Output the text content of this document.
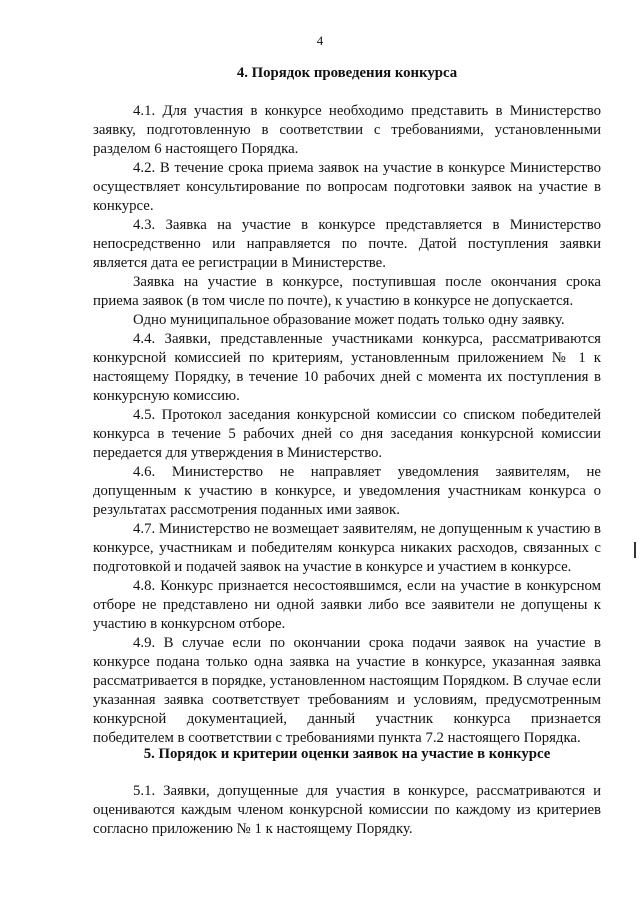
4
4. Порядок проведения конкурса

4.1. Для участия в конкурсе необходимо представить в Министерство заявку, подготовленную в соответствии с требованиями, установленными разделом 6 настоящего Порядка.

4.2. В течение срока приема заявок на участие в конкурсе Министерство осуществляет консультирование по вопросам подготовки заявок на участие в конкурсе.

4.3. Заявка на участие в конкурсе представляется в Министерство непосредственно или направляется по почте. Датой поступления заявки является дата ее регистрации в Министерстве.

Заявка на участие в конкурсе, поступившая после окончания срока приема заявок (в том числе по почте), к участию в конкурсе не допускается.

Одно муниципальное образование может подать только одну заявку.

4.4. Заявки, представленные участниками конкурса, рассматриваются конкурсной комиссией по критериям, установленным приложением № 1 к настоящему Порядку, в течение 10 рабочих дней с момента их поступления в конкурсную комиссию.

4.5. Протокол заседания конкурсной комиссии со списком победителей конкурса в течение 5 рабочих дней со дня заседания конкурсной комиссии передается для утверждения в Министерство.

4.6. Министерство не направляет уведомления заявителям, не допущенным к участию в конкурсе, и уведомления участникам конкурса о результатах рассмотрения поданных ими заявок.

4.7. Министерство не возмещает заявителям, не допущенным к участию в конкурсе, участникам и победителям конкурса никаких расходов, связанных с подготовкой и подачей заявок на участие в конкурсе и участием в конкурсе.

4.8. Конкурс признается несостоявшимся, если на участие в конкурсном отборе не представлено ни одной заявки либо все заявители не допущены к участию в конкурсном отборе.

4.9. В случае если по окончании срока подачи заявок на участие в конкурсе подана только одна заявка на участие в конкурсе, указанная заявка рассматривается в порядке, установленном настоящим Порядком. В случае если указанная заявка соответствует требованиям и условиям, предусмотренным конкурсной документацией, данный участник конкурса признается победителем в соответствии с требованиями пункта 7.2 настоящего Порядка.

5. Порядок и критерии оценки заявок на участие в конкурсе

5.1. Заявки, допущенные для участия в конкурсе, рассматриваются и оцениваются каждым членом конкурсной комиссии по каждому из критериев согласно приложению № 1 к настоящему Порядку.
